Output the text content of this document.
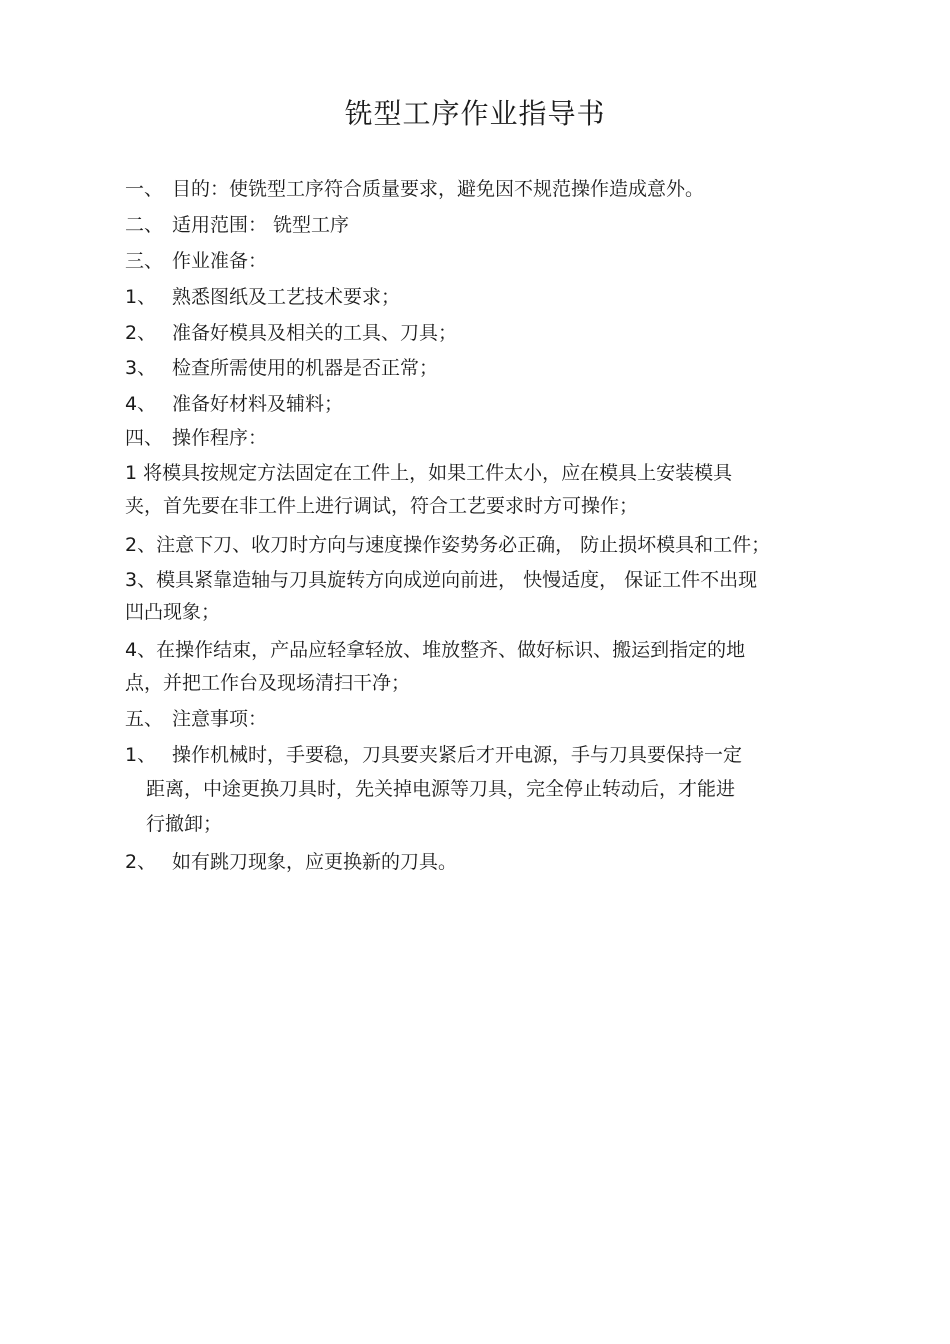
铣型工序作业指导书
一、 目的：使铣型工序符合质量要求，避免因不规范操作造成意外。
二、 适用范围： 铣型工序
三、 作业准备：
1、 熟悉图纸及工艺技术要求；
2、 准备好模具及相关的工具、刀具；
3、 检查所需使用的机器是否正常；
4、 准备好材料及辅料；
四、 操作程序：
1 将模具按规定方法固定在工件上，如果工件太小，应在模具上安装模具
夹，首先要在非工件上进行调试，符合工艺要求时方可操作；
2、注意下刀、收刀时方向与速度操作姿势务必正确， 防止损坏模具和工件；
3、模具紧靠造轴与刀具旋转方向成逆向前进， 快慢适度， 保证工件不出现
凹凸现象；
4、在操作结束，产品应轻拿轻放、堆放整齐、做好标识、搬运到指定的地
点，并把工作台及现场清扫干净；
五、 注意事项：
1、 操作机械时，手要稳，刀具要夹紧后才开电源，手与刀具要保持一定
距离，中途更换刀具时，先关掉电源等刀具，完全停止转动后，才能进
行撤卸；
2、 如有跳刀现象，应更换新的刀具。
